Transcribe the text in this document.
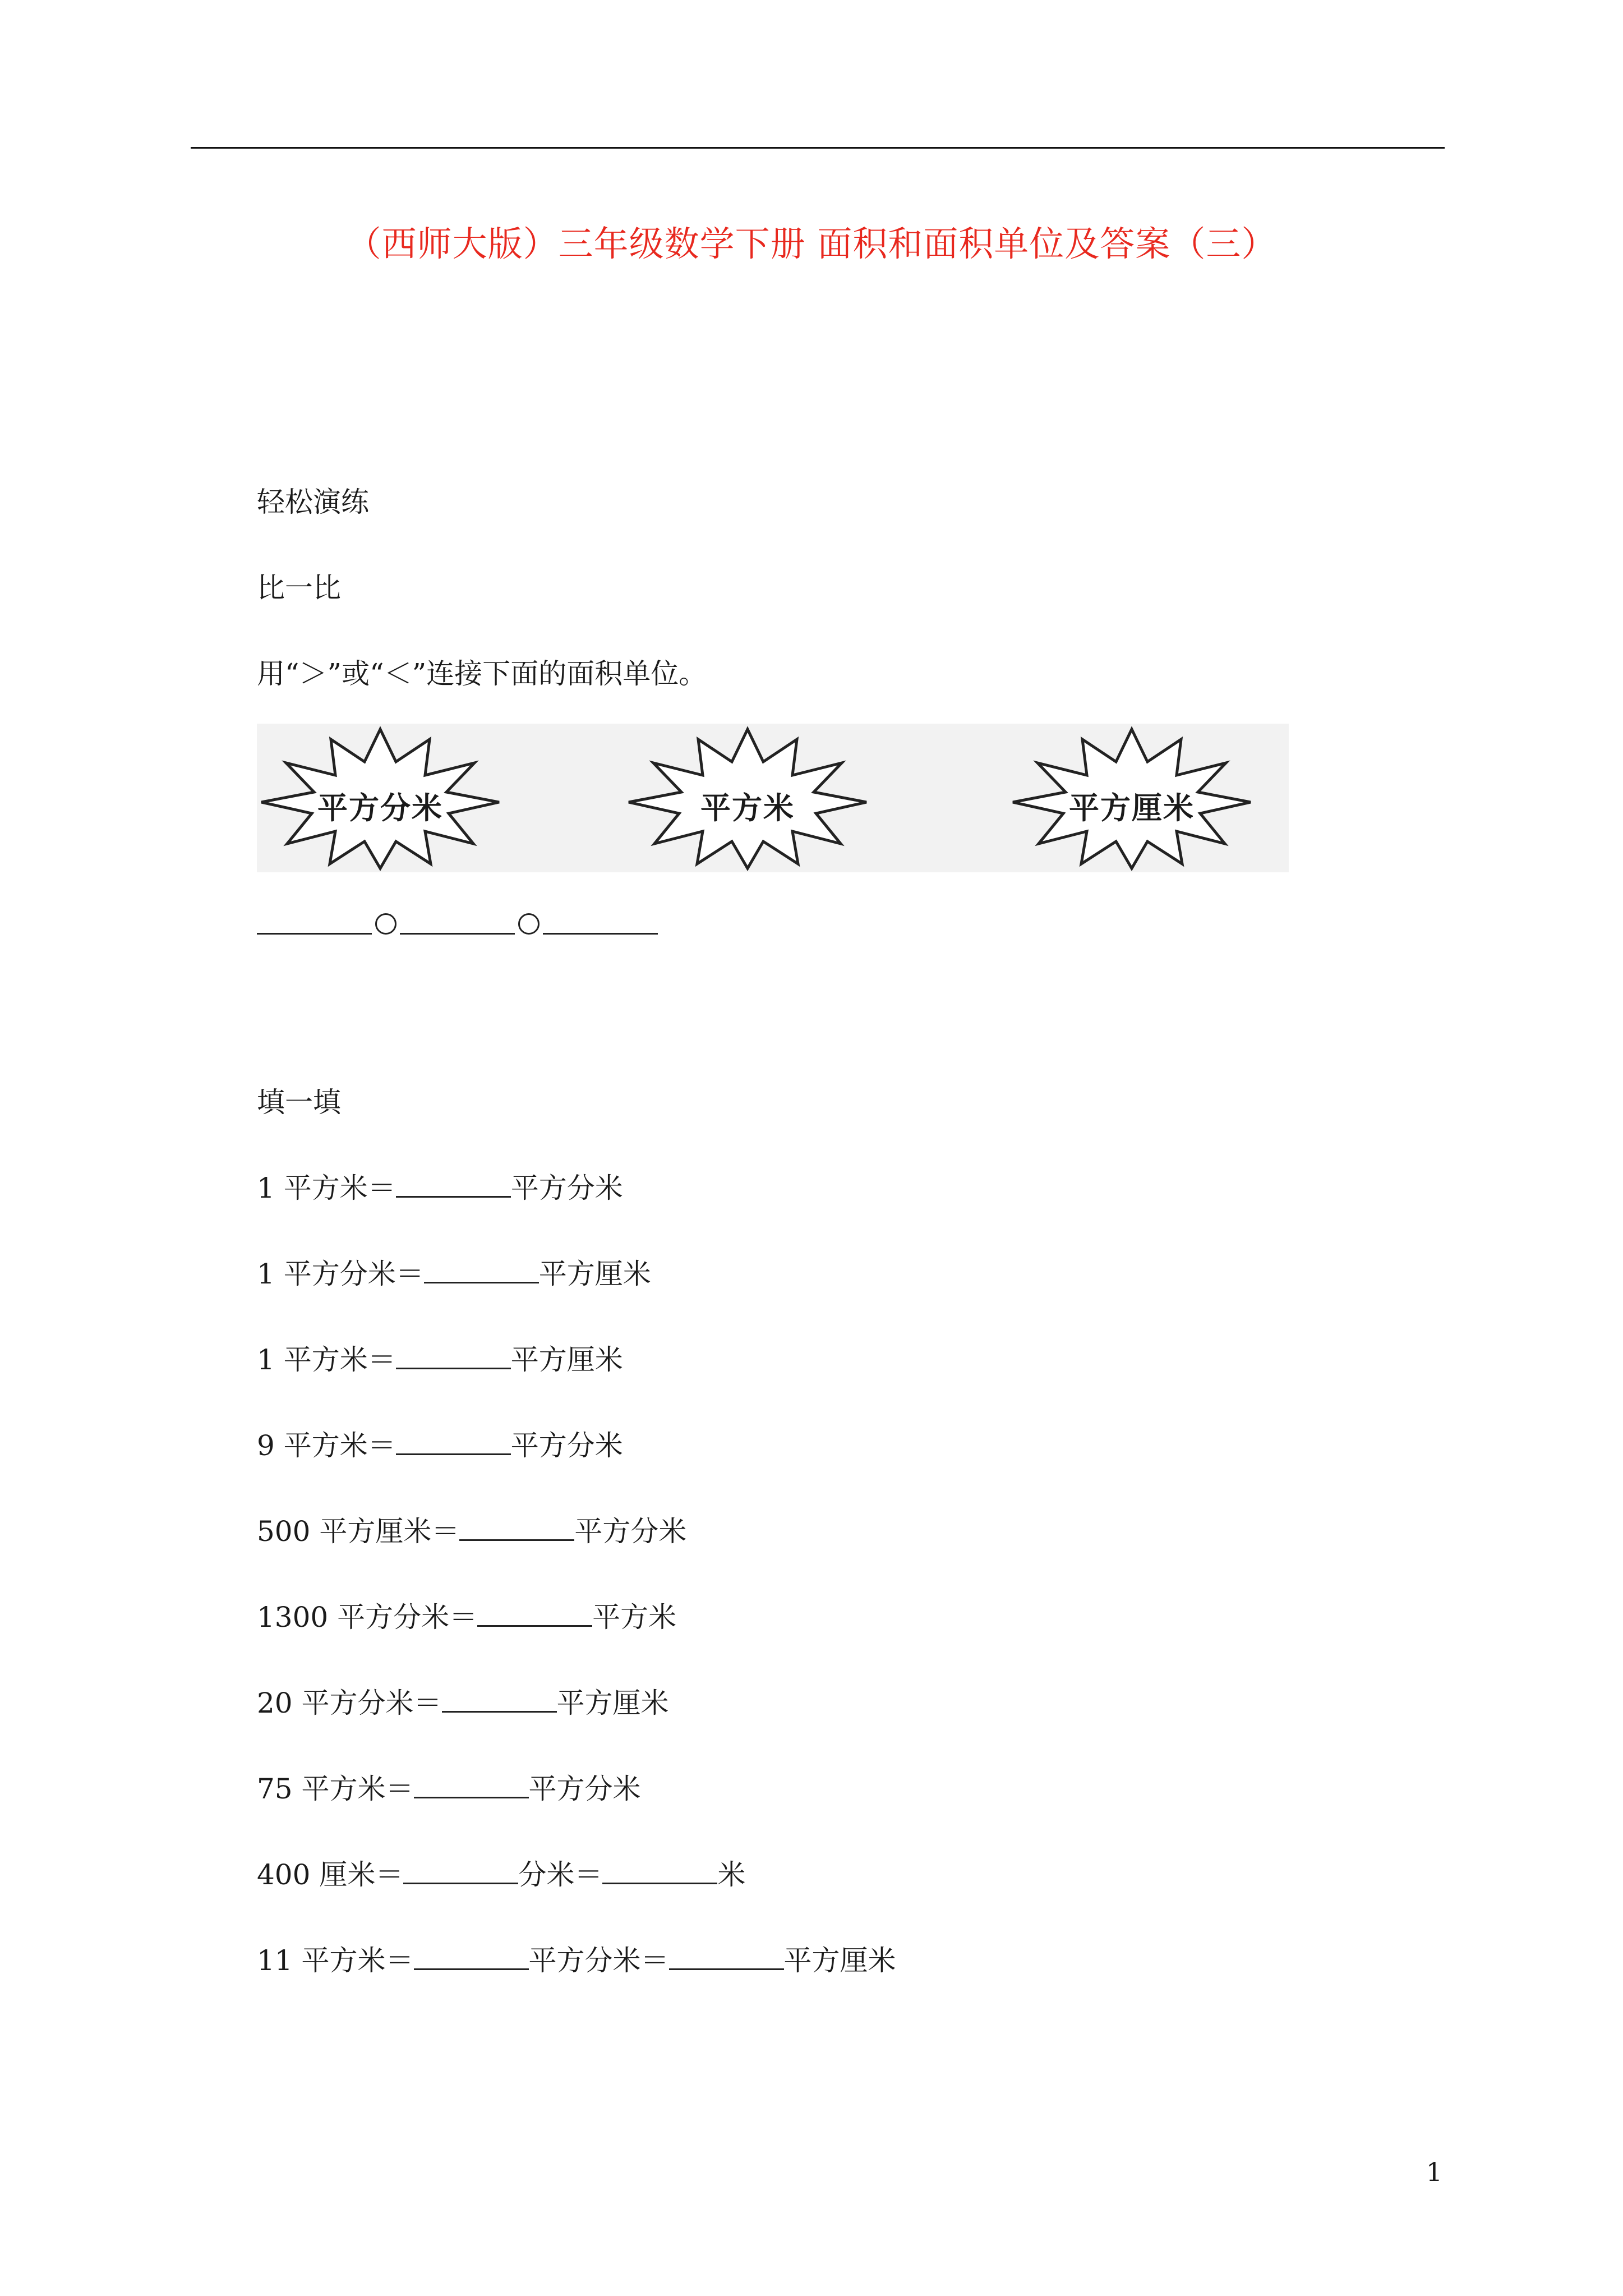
（西师大版）三年级数学下册 面积和面积单位及答案（三）
轻松演练
比一比
用“＞”或“＜”连接下面的面积单位。
平方分米	平方米	平方厘米
填一填
1 平方米＝	平方分米
1 平方分米＝	平方厘米
1 平方米＝	平方厘米
9 平方米＝	平方分米
500 平方厘米＝	平方分米
1300 平方分米＝	平方米
20 平方分米＝	平方厘米
75 平方米＝	平方分米
400 厘米＝	分米＝	米
11 平方米＝	平方分米＝	平方厘米
1
